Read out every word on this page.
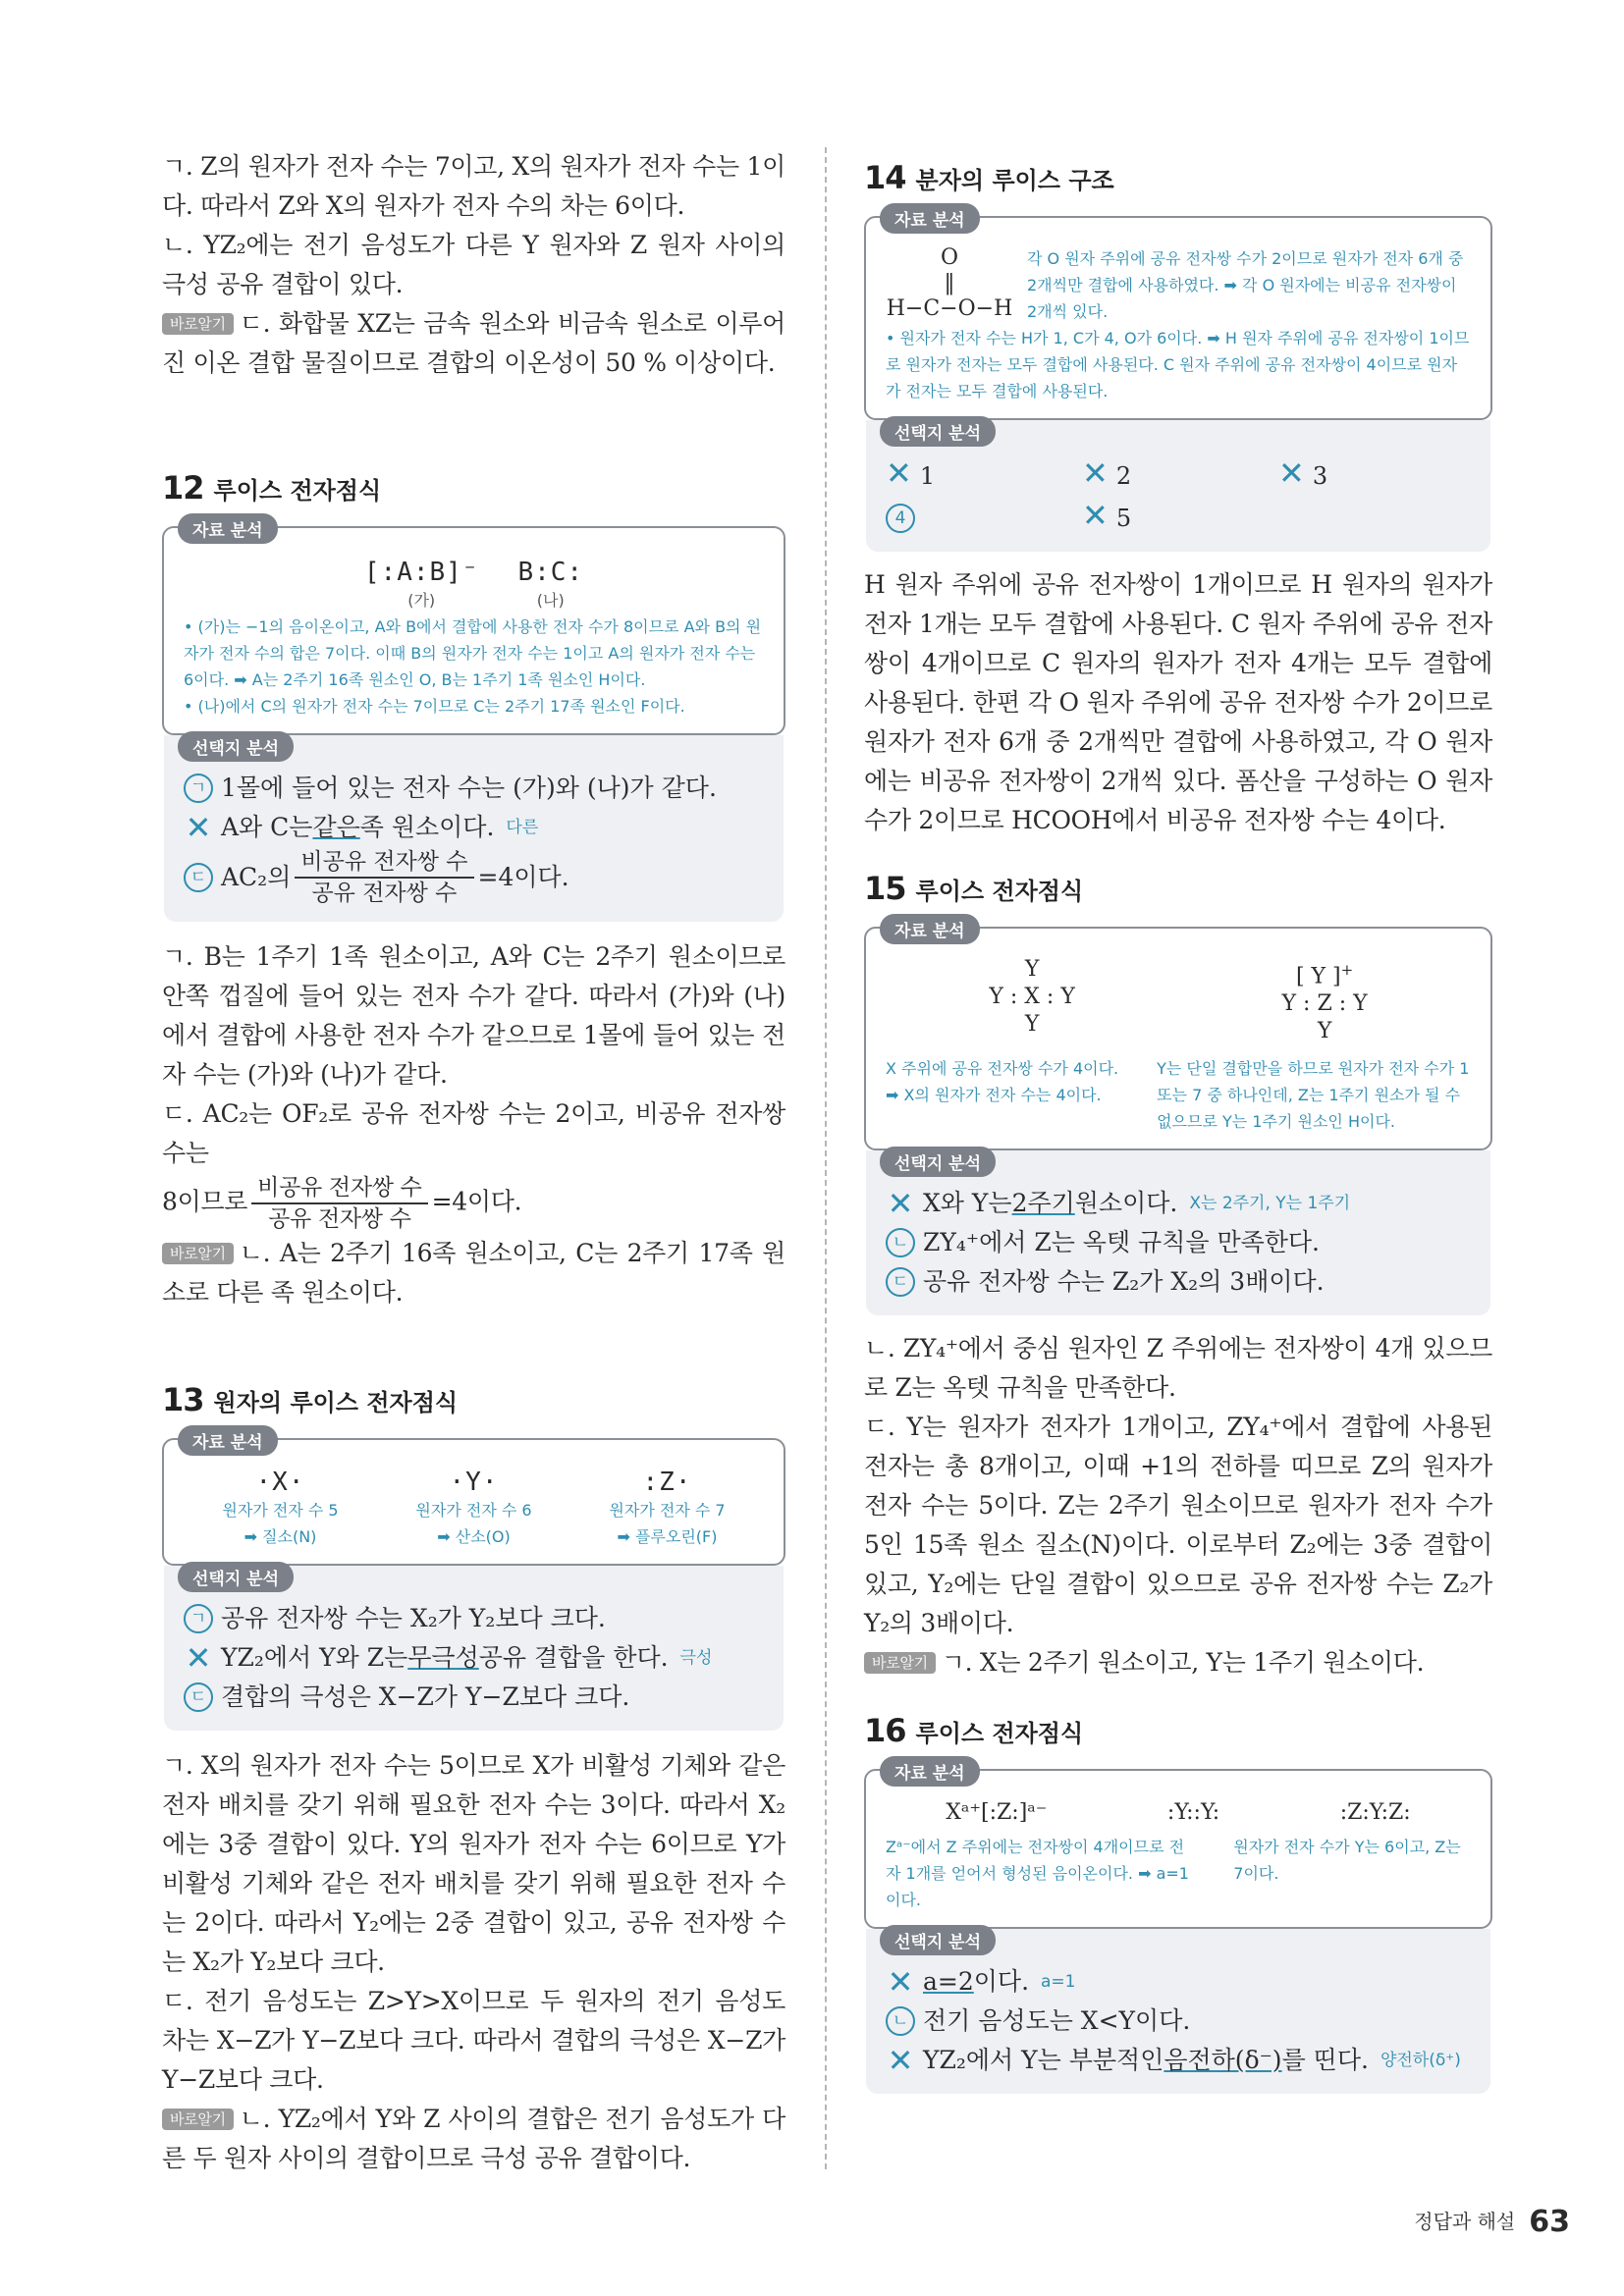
ㄱ. Z의 원자가 전자 수는 7이고, X의 원자가 전자 수는 1이다. 따라서 Z와 X의 원자가 전자 수의 차는 6이다.

ㄴ. YZ₂에는 전기 음성도가 다른 Y 원자와 Z 원자 사이의 극성 공유 결합이 있다.

바로알기 ㄷ. 화합물 XZ는 금속 원소와 비금속 원소로 이루어진 이온 결합 물질이므로 결합의 이온성이 50 % 이상이다.

12 루이스 전자점식
자료 분석
[:A:B]⁻
(가)
B:C:
(나)
• (가)는 −1의 음이온이고, A와 B에서 결합에 사용한 전자 수가 8이므로 A와 B의 원자가 전자 수의 합은 7이다. 이때 B의 원자가 전자 수는 1이고 A의 원자가 전자 수는 6이다. ➡ A는 2주기 16족 원소인 O, B는 1주기 1족 원소인 H이다.
• (나)에서 C의 원자가 전자 수는 7이므로 C는 2주기 17족 원소인 F이다.
선택지 분석
ㄱ 1몰에 들어 있는 전자 수는 (가)와 (나)가 같다.
✕ A와 C는 같은 족 원소이다. 다른
ㄷ AC₂의 $\frac{\text{비공유 전자쌍 수}}{\text{공유 전자쌍 수}} =4$이다.

ㄱ. B는 1주기 1족 원소이고, A와 C는 2주기 원소이므로 안쪽 껍질에 들어 있는 전자 수가 같다. 따라서 (가)와 (나)에서 결합에 사용한 전자 수가 같으므로 1몰에 들어 있는 전자 수는 (가)와 (나)가 같다.

ㄷ. AC₂는 OF₂로 공유 전자쌍 수는 2이고, 비공유 전자쌍 수는

8이므로 $\frac{\text{비공유 전자쌍 수}}{\text{공유 전자쌍 수}} =4$이다.

바로알기 ㄴ. A는 2주기 16족 원소이고, C는 2주기 17족 원소로 다른 족 원소이다.

13 원자의 루이스 전자점식
자료 분석
·X·
원자가 전자 수 5
➡ 질소(N)
·Y·
원자가 전자 수 6
➡ 산소(O)
:Z·
원자가 전자 수 7
➡ 플루오린(F)
선택지 분석
ㄱ 공유 전자쌍 수는 X₂가 Y₂보다 크다.
✕ YZ₂에서 Y와 Z는 무극성 공유 결합을 한다. 극성
ㄷ 결합의 극성은 X−Z가 Y−Z보다 크다.

ㄱ. X의 원자가 전자 수는 5이므로 X가 비활성 기체와 같은 전자 배치를 갖기 위해 필요한 전자 수는 3이다. 따라서 X₂에는 3중 결합이 있다. Y의 원자가 전자 수는 6이므로 Y가 비활성 기체와 같은 전자 배치를 갖기 위해 필요한 전자 수는 2이다. 따라서 Y₂에는 2중 결합이 있고, 공유 전자쌍 수는 X₂가 Y₂보다 크다.

ㄷ. 전기 음성도는 Z>Y>X이므로 두 원자의 전기 음성도 차는 X−Z가 Y−Z보다 크다. 따라서 결합의 극성은 X−Z가 Y−Z보다 크다.

바로알기 ㄴ. YZ₂에서 Y와 Z 사이의 결합은 전기 음성도가 다른 두 원자 사이의 결합이므로 극성 공유 결합이다.

14 분자의 루이스 구조
자료 분석
O
‖
H−C−O−H
각 O 원자 주위에 공유 전자쌍 수가 2이므로 원자가 전자 6개 중 2개씩만 결합에 사용하였다. ➡ 각 O 원자에는 비공유 전자쌍이 2개씩 있다.
• 원자가 전자 수는 H가 1, C가 4, O가 6이다. ➡ H 원자 주위에 공유 전자쌍이 1이므로 원자가 전자는 모두 결합에 사용된다. C 원자 주위에 공유 전자쌍이 4이므로 원자가 전자는 모두 결합에 사용된다.
선택지 분석
✕ 1	✕ 2	✕ 3
4	✕ 5

H 원자 주위에 공유 전자쌍이 1개이므로 H 원자의 원자가 전자 1개는 모두 결합에 사용된다. C 원자 주위에 공유 전자쌍이 4개이므로 C 원자의 원자가 전자 4개는 모두 결합에 사용된다. 한편 각 O 원자 주위에 공유 전자쌍 수가 2이므로 원자가 전자 6개 중 2개씩만 결합에 사용하였고, 각 O 원자에는 비공유 전자쌍이 2개씩 있다. 폼산을 구성하는 O 원자 수가 2이므로 HCOOH에서 비공유 전자쌍 수는 4이다.

15 루이스 전자점식
자료 분석
Y
Y : X : Y
Y
[ Y ]+
Y : Z : Y
Y
X 주위에 공유 전자쌍 수가 4이다. ➡ X의 원자가 전자 수는 4이다.
Y는 단일 결합만을 하므로 원자가 전자 수가 1 또는 7 중 하나인데, Z는 1주기 원소가 될 수 없으므로 Y는 1주기 원소인 H이다.
선택지 분석
✕ X와 Y는 2주기 원소이다. X는 2주기, Y는 1주기
ㄴ ZY₄⁺에서 Z는 옥텟 규칙을 만족한다.
ㄷ 공유 전자쌍 수는 Z₂가 X₂의 3배이다.

ㄴ. ZY₄⁺에서 중심 원자인 Z 주위에는 전자쌍이 4개 있으므로 Z는 옥텟 규칙을 만족한다.

ㄷ. Y는 원자가 전자가 1개이고, ZY₄⁺에서 결합에 사용된 전자는 총 8개이고, 이때 +1의 전하를 띠므로 Z의 원자가 전자 수는 5이다. Z는 2주기 원소이므로 원자가 전자 수가 5인 15족 원소 질소(N)이다. 이로부터 Z₂에는 3중 결합이 있고, Y₂에는 단일 결합이 있으므로 공유 전자쌍 수는 Z₂가 Y₂의 3배이다.

바로알기 ㄱ. X는 2주기 원소이고, Y는 1주기 원소이다.

16 루이스 전자점식
자료 분석
Xᵃ⁺[:Z:]ᵃ⁻	:Y::Y:	:Z:Y:Z:
Zᵃ⁻에서 Z 주위에는 전자쌍이 4개이므로 전자 1개를 얻어서 형성된 음이온이다. ➡ a=1이다.
원자가 전자 수가 Y는 6이고, Z는 7이다.
선택지 분석
✕ a=2 이다. a=1
ㄴ 전기 음성도는 X<Y이다.
✕ YZ₂에서 Y는 부분적인 음전하(δ⁻) 를 띤다. 양전하(δ⁺)
정답과 해설 63
